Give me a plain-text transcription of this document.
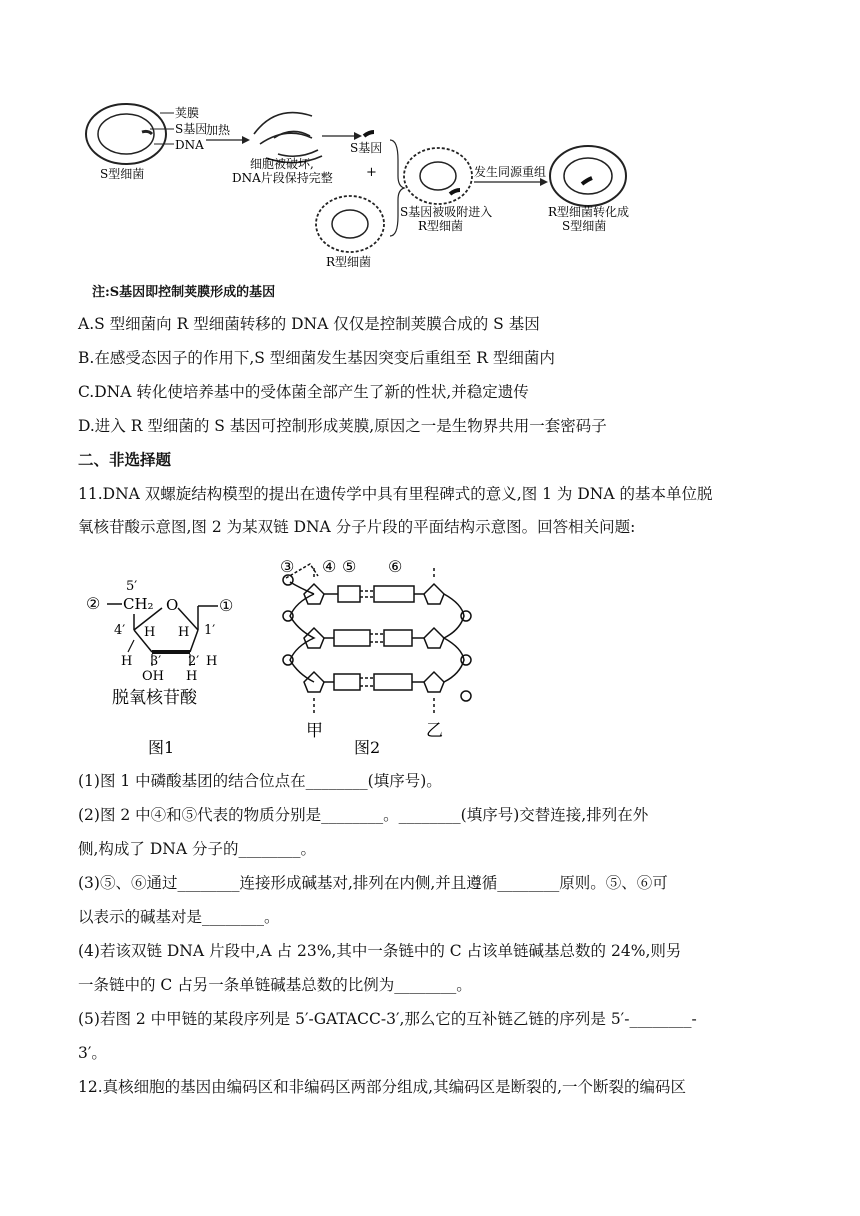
荚膜
S基因
DNA
S型细菌
加热
细胞被破坏,
DNA片段保持完整
S基因
+
R型细菌
S基因被吸附进入
R型细菌
发生同源重组
R型细菌转化成
S型细菌
注:S基因即控制荚膜形成的基因
A.S 型细菌向 R 型细菌转移的 DNA 仅仅是控制荚膜合成的 S 基因
B.在感受态因子的作用下,S 型细菌发生基因突变后重组至 R 型细菌内
C.DNA 转化使培养基中的受体菌全部产生了新的性状,并稳定遗传
D.进入 R 型细菌的 S 基因可控制形成荚膜,原因之一是生物界共用一套密码子
二、非选择题
11.DNA 双螺旋结构模型的提出在遗传学中具有里程碑式的意义,图 1 为 DNA 的基本单位脱
氧核苷酸示意图,图 2 为某双链 DNA 分子片段的平面结构示意图。回答相关问题:
5′
② CH₂ O	①
4′ H H 1′
H 3′ 2′ H
OH H
脱氧核苷酸
图1
③ ④ ⑤ ⑥
甲	乙
图2
(1)图 1 中磷酸基团的结合位点在________(填序号)。
(2)图 2 中④和⑤代表的物质分别是________。________(填序号)交替连接,排列在外
侧,构成了 DNA 分子的________。
(3)⑤、⑥通过________连接形成碱基对,排列在内侧,并且遵循________原则。⑤、⑥可
以表示的碱基对是________。
(4)若该双链 DNA 片段中,A 占 23%,其中一条链中的 C 占该单链碱基总数的 24%,则另
一条链中的 C 占另一条单链碱基总数的比例为________。
(5)若图 2 中甲链的某段序列是 5′-GATACC-3′,那么它的互补链乙链的序列是 5′-________-
3′。
12.真核细胞的基因由编码区和非编码区两部分组成,其编码区是断裂的,一个断裂的编码区
